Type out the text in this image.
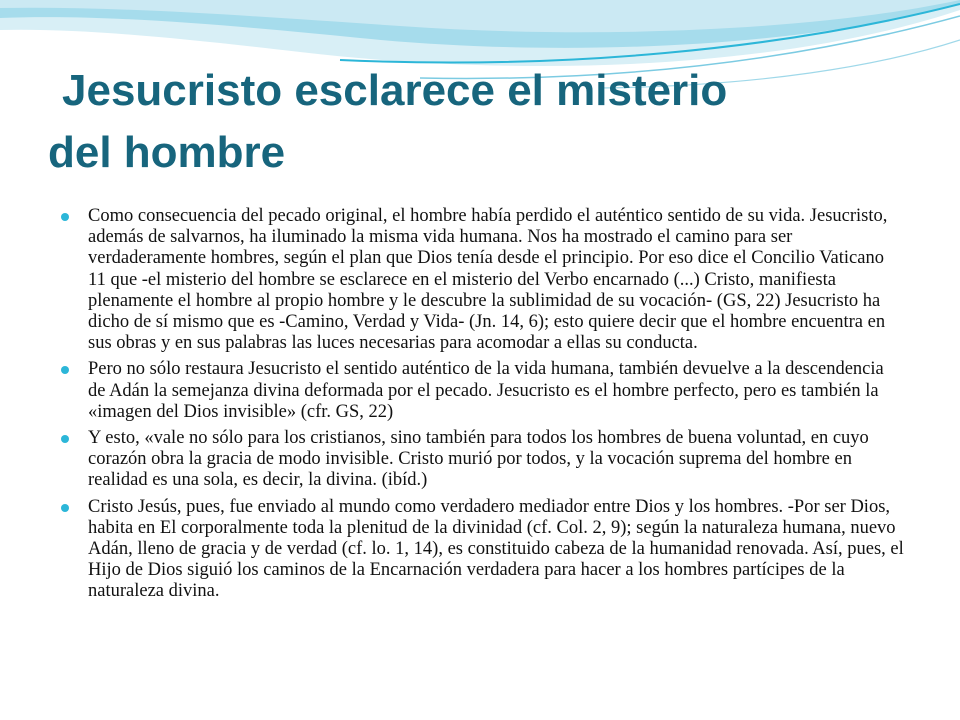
Jesucristo esclarece el misterio
del hombre
Como consecuencia del pecado original, el hombre había perdido el auténtico sentido de su vida. Jesucristo, además de salvarnos, ha iluminado la misma vida humana. Nos ha mostrado el camino para ser verdaderamente hombres, según el plan que Dios tenía desde el principio. Por eso dice el Concilio Vaticano 11 que -el misterio del hombre se esclarece en el misterio del Verbo encarnado (...) Cristo, manifiesta plenamente el hombre al propio hombre y le descubre la sublimidad de su vocación- (GS, 22) Jesucristo ha dicho de sí mismo que es -Camino, Verdad y Vida- (Jn. 14, 6); esto quiere decir que el hombre encuentra en sus obras y en sus palabras las luces necesarias para acomodar a ellas su conducta.
Pero no sólo restaura Jesucristo el sentido auténtico de la vida humana, también devuelve a la descendencia de Adán la semejanza divina deformada por el pecado. Jesucristo es el hombre perfecto, pero es también la «imagen del Dios invisible» (cfr. GS, 22)
Y esto, «vale no sólo para los cristianos, sino también para todos los hombres de buena voluntad, en cuyo corazón obra la gracia de modo invisible. Cristo murió por todos, y la vocación suprema del hombre en realidad es una sola, es decir, la divina. (ibíd.)
Cristo Jesús, pues, fue enviado al mundo como verdadero mediador entre Dios y los hombres. -Por ser Dios, habita en El corporalmente toda la plenitud de la divinidad (cf. Col. 2, 9); según la naturaleza humana, nuevo Adán, lleno de gracia y de verdad (cf. lo. 1, 14), es constituido cabeza de la humanidad renovada. Así, pues, el Hijo de Dios siguió los caminos de la Encarnación verdadera para hacer a los hombres partícipes de la naturaleza divina.
